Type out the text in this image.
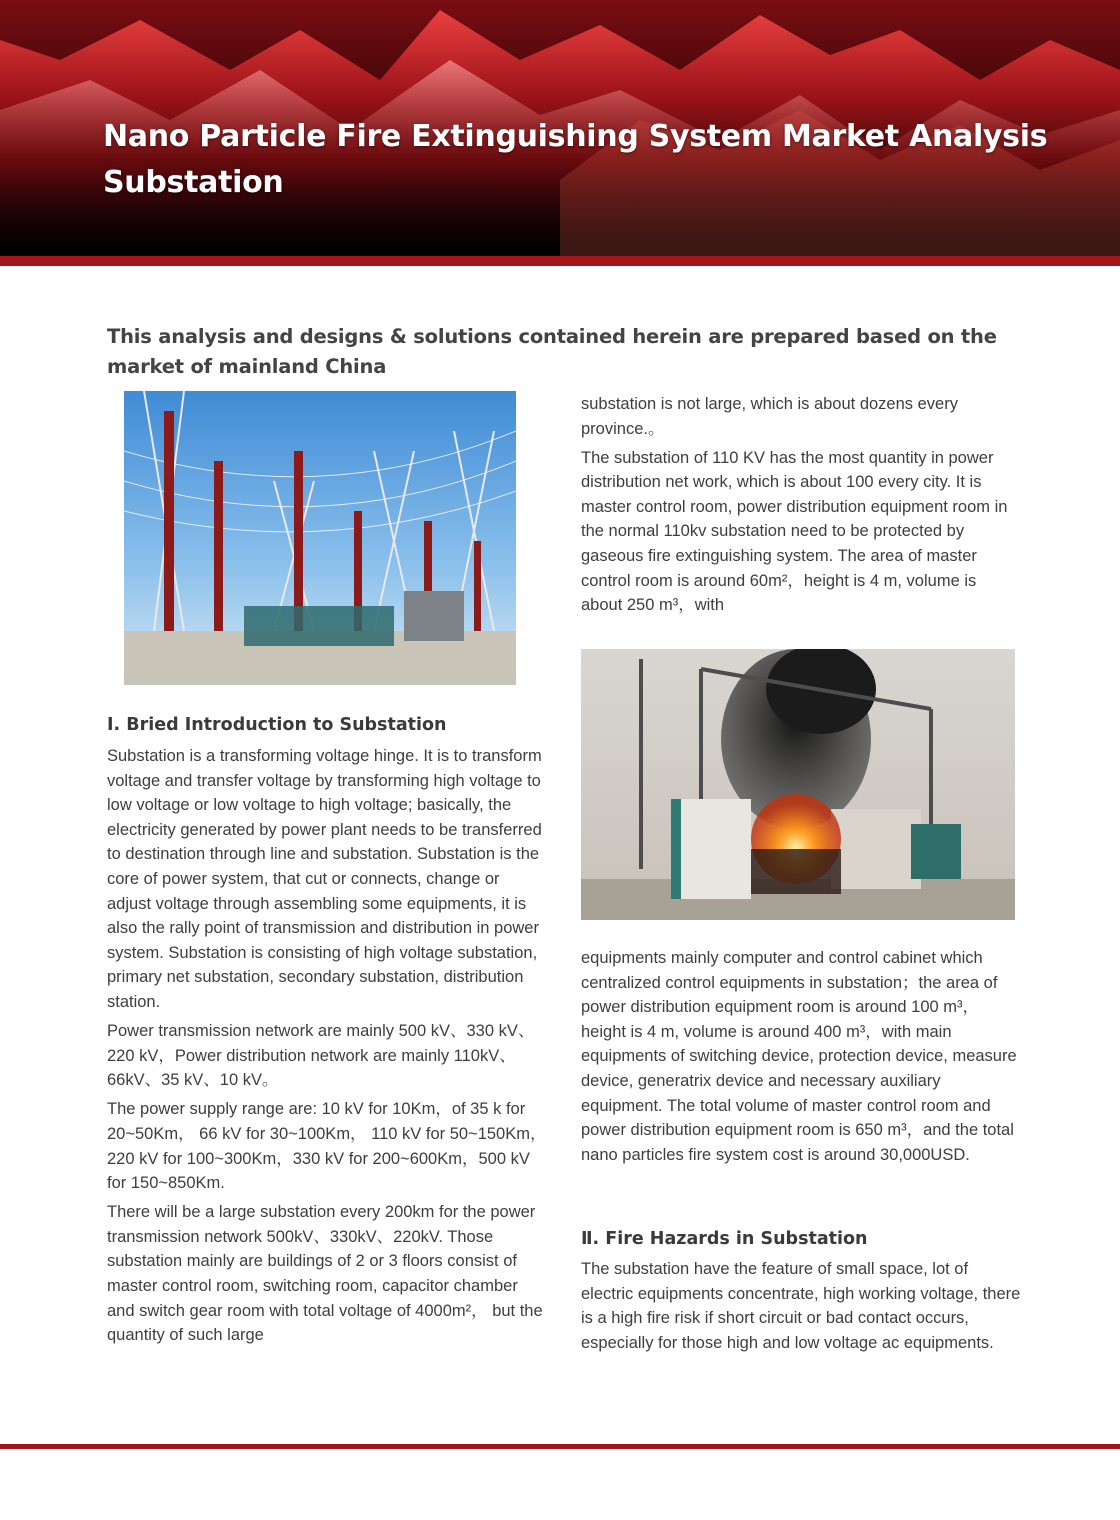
Nano Particle Fire Extinguishing System Market Analysis
Substation

This analysis and designs & solutions contained herein are prepared based on the market of mainland China

Ⅰ. Bried Introduction to Substation

Substation is a transforming voltage hinge. It is to transform voltage and transfer voltage by transforming high voltage to low voltage or low voltage to high voltage; basically, the electricity generated by power plant needs to be transferred to destination through line and substation. Substation is the core of power system, that cut or connects, change or adjust voltage through assembling some equipments, it is also the rally point of transmission and distribution in power system. Substation is consisting of high voltage substation, primary net substation, secondary substation, distribution station.

Power transmission network are mainly 500 kV、330 kV、220 kV，Power distribution network are mainly 110kV、66kV、35 kV、10 kV。

The power supply range are: 10 kV for 10Km，of 35 k for 20~50Km， 66 kV for 30~100Km， 110 kV for 50~150Km，220 kV for 100~300Km，330 kV for 200~600Km，500 kV for 150~850Km.

There will be a large substation every 200km for the power transmission network 500kV、330kV、220kV. Those substation mainly are buildings of 2 or 3 floors consist of master control room, switching room, capacitor chamber and switch gear room with total voltage of 4000m²， but the quantity of such large

substation is not large, which is about dozens every province.。

The substation of 110 KV has the most quantity in power distribution net work, which is about 100 every city. It is master control room, power distribution equipment room in the normal 110kv substation need to be protected by gaseous fire extinguishing system. The area of master control room is around 60m²，height is 4 m, volume is about 250 m³，with

equipments mainly computer and control cabinet which centralized control equipments in substation；the area of power distribution equipment room is around 100 m³，height is 4 m, volume is around 400 m³，with main equipments of switching device, protection device, measure device, generatrix device and necessary auxiliary equipment. The total volume of master control room and power distribution equipment room is 650 m³，and the total nano particles fire system cost is around 30,000USD.

Ⅱ. Fire Hazards in Substation

The substation have the feature of small space, lot of electric equipments concentrate, high working voltage, there is a high fire risk if short circuit or bad contact occurs, especially for those high and low voltage ac equipments.
